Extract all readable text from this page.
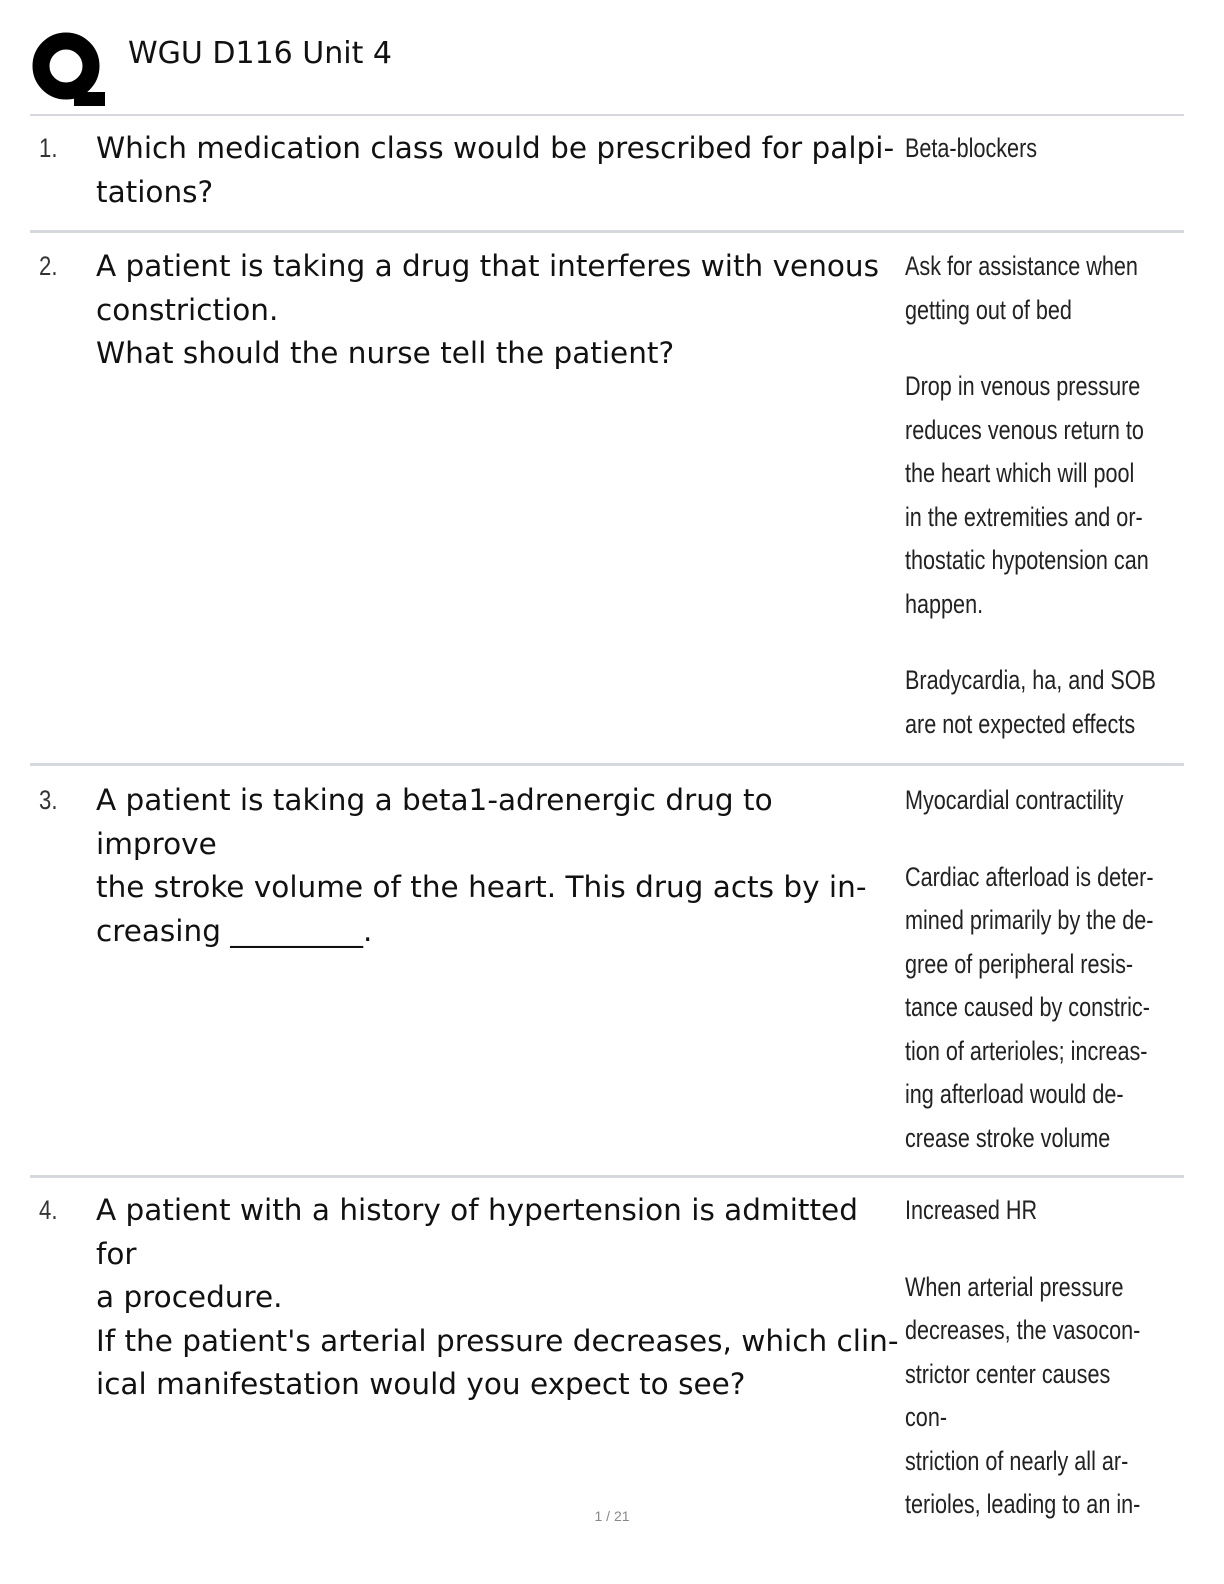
WGU D116 Unit 4
1. Which medication class would be prescribed for palpi-
tations?

Beta-blockers

2. A patient is taking a drug that interferes with venous
constriction.
What should the nurse tell the patient?

Ask for assistance when
getting out of bed

Drop in venous pressure
reduces venous return to
the heart which will pool
in the extremities and or-
thostatic hypotension can
happen.

Bradycardia, ha, and SOB
are not expected effects

3. A patient is taking a beta1-adrenergic drug to improve
the stroke volume of the heart. This drug acts by in-
creasing _________.

Myocardial contractility

Cardiac afterload is deter-
mined primarily by the de-
gree of peripheral resis-
tance caused by constric-
tion of arterioles; increas-
ing afterload would de-
crease stroke volume

4. A patient with a history of hypertension is admitted for
a procedure.
If the patient's arterial pressure decreases, which clin-
ical manifestation would you expect to see?

Increased HR

When arterial pressure
decreases, the vasocon-
strictor center causes con-
striction of nearly all ar-
terioles, leading to an in-

1 / 21
